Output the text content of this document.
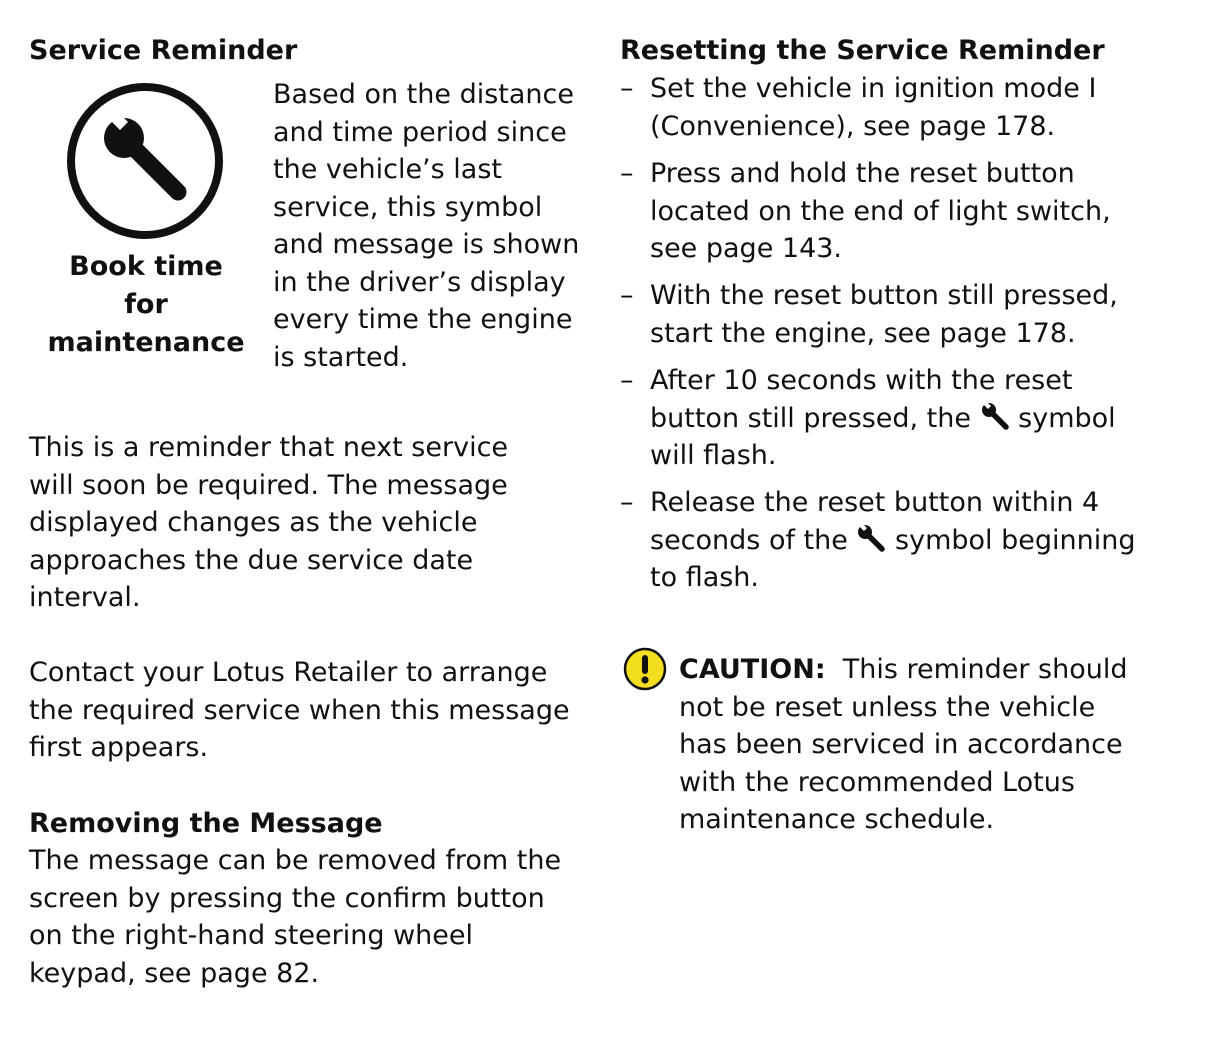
Service Reminder
Book time
for
maintenance
Based on the distance
and time period since
the vehicle’s last
service, this symbol
and message is shown
in the driver’s display
every time the engine
is started.
This is a reminder that next service
will soon be required. The message
displayed changes as the vehicle
approaches the due service date
interval.
Contact your Lotus Retailer to arrange
the required service when this message
first appears.
Removing the Message
The message can be removed from the
screen by pressing the confirm button
on the right-hand steering wheel
keypad, see page 82.
Resetting the Service Reminder
– Set the vehicle in ignition mode I
(Convenience), see page 178.
– Press and hold the reset button
located on the end of light switch,
see page 143.
– With the reset button still pressed,
start the engine, see page 178.
– After 10 seconds with the reset
button still pressed, the  symbol
will flash.
– Release the reset button within 4
seconds of the  symbol beginning
to flash.
CAUTION:  This reminder should
not be reset unless the vehicle
has been serviced in accordance
with the recommended Lotus
maintenance schedule.
